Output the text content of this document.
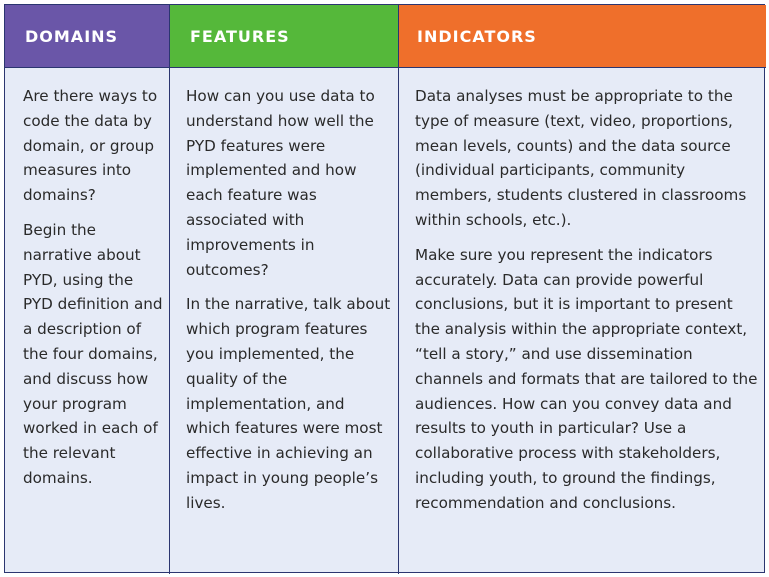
DOMAINS	FEATURES	INDICATORS

Are there ways to code the data by domain, or group measures into domains?

Begin the narrative about PYD, using the PYD definition and a description of the four domains, and discuss how your program worked in each of the relevant domains.

How can you use data to understand how well the PYD features were implemented and how each feature was associated with improvements in outcomes?

In the narrative, talk about which program features you implemented, the quality of the implementation, and which features were most effective in achieving an impact in young people’s lives.

Data analyses must be appropriate to the type of measure (text, video, proportions, mean levels, counts) and the data source (individual participants, community members, students clustered in classrooms within schools, etc.).

Make sure you represent the indicators accurately. Data can provide powerful conclusions, but it is important to present the analysis within the appropriate context, “tell a story,” and use dissemination channels and formats that are tailored to the audiences. How can you convey data and results to youth in particular? Use a collaborative process with stakeholders, including youth, to ground the findings, recommendation and conclusions.
